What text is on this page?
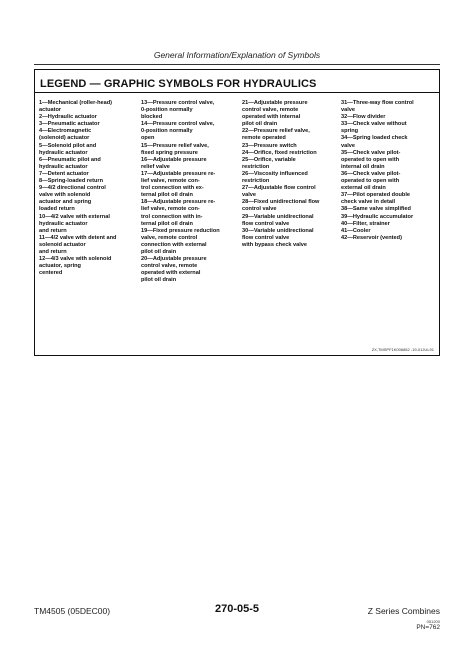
General Information/Explanation of Symbols
LEGEND — GRAPHIC SYMBOLS FOR HYDRAULICS
1—Mechanical (roller-head)
actuator
2—Hydraulic actuator
3—Pneumatic actuator
4—Electromagnetic
(solenoid) actuator
5—Solenoid pilot and
hydraulic actuator
6—Pneumatic pilot and
hydraulic actuator
7—Detent actuator
8—Spring-loaded return
9—4/2 directional control
valve with solenoid
actuator and spring
loaded return
10—4/2 valve with external
hydraulic actuator
and return
11—4/2 valve with detent and
solenoid actuator
and return
12—4/3 valve with solenoid
actuator, spring
centered
13—Pressure control valve,
0-position normally
blocked
14—Pressure control valve,
0-position normally
open
15—Pressure relief valve,
fixed spring pressure
16—Adjustable pressure
relief valve
17—Adjustable pressure re-
lief valve, remote con-
trol connection with ex-
ternal pilot oil drain
18—Adjustable pressure re-
lief valve, remote con-
trol connection with in-
ternal pilot oil drain
19—Fixed pressure reduction
valve, remote control
connection with external
pilot oil drain
20—Adjustable pressure
control valve, remote
operated with external
pilot oil drain
21—Adjustable pressure
control valve, remote
operated with internal
pilot oil drain
22—Pressure relief valve,
remote operated
23—Pressure switch
24—Orifice, fixed restriction
25—Orifice, variable
restriction
26—Viscosity influenced
restriction
27—Adjustable flow control
valve
28—Fixed unidirectional flow
control valve
29—Variable unidirectional
flow control valve
30—Variable unidirectional
flow control valve
with bypass check valve
31—Three-way flow control
valve
32—Flow divider
33—Check valve without
spring
34—Spring loaded check
valve
35—Check valve pilot-
operated to open with
internal oil drain
36—Check valve pilot-
operated to open with
external oil drain
37—Pilot operated double
check valve in detail
38—Same valve simplified
39—Hydraulic accumulator
40—Filter, strainer
41—Cooler
42—Reservoir (vented)
ZX,TMSPF1K006852 -19-01JUL91
TM4505 (05DEC00)	270-05-5	Z Series Combines
051200
PN=762
